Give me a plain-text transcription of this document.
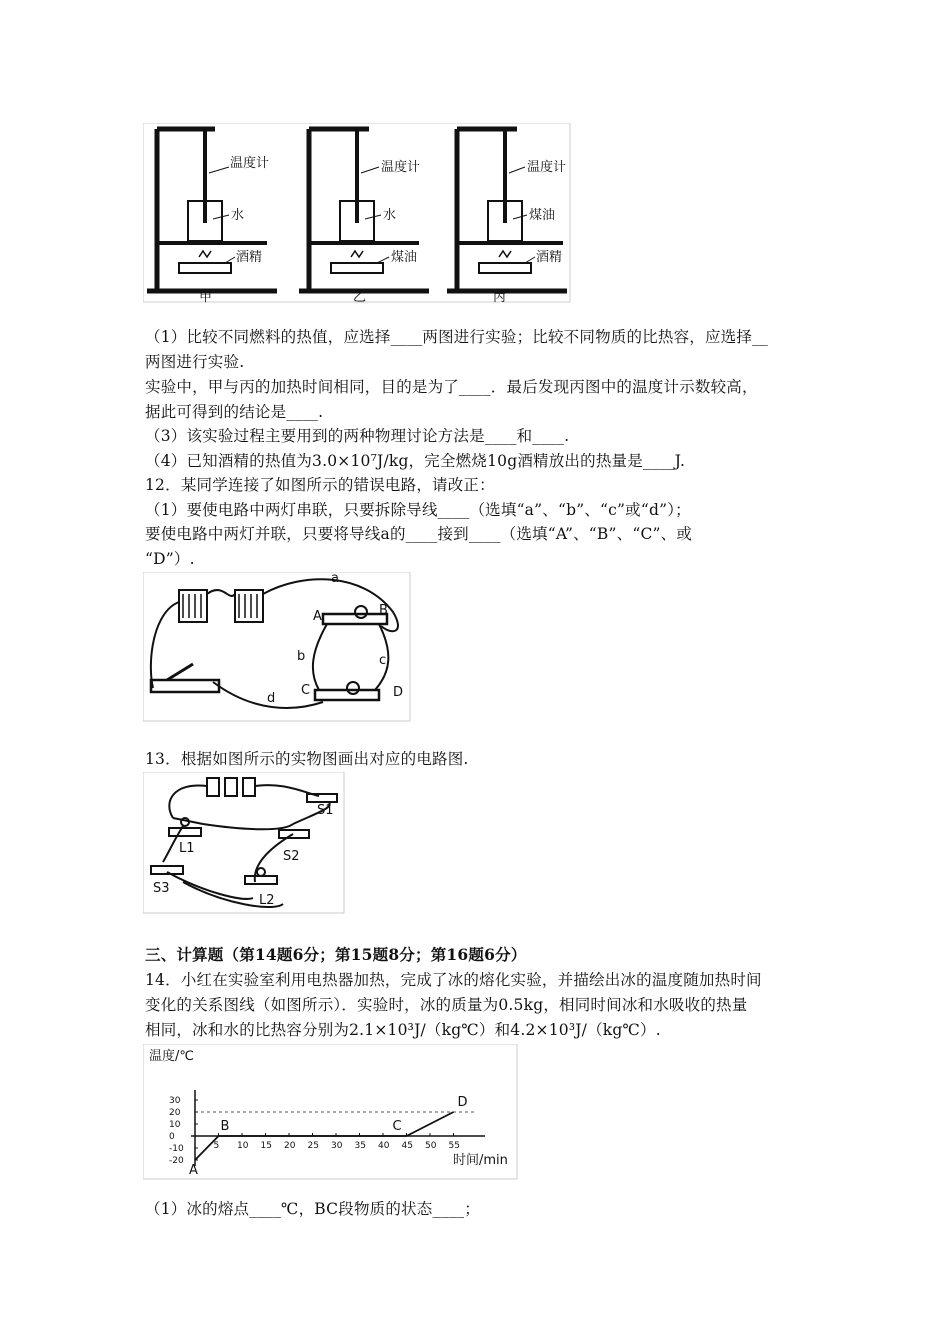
温度计
水
酒精
温度计
水
煤油
温度计
煤油
酒精
甲	乙	丙
（1）比较不同燃料的热值，应选择____两图进行实验；比较不同物质的比热容，应选择__
两图进行实验.
实验中，甲与丙的加热时间相同，目的是为了____．最后发现丙图中的温度计示数较高，
据此可得到的结论是____.
（3）该实验过程主要用到的两种物理讨论方法是____和____.
（4）已知酒精的热值为3.0×10⁷J/kg，完全燃烧10g酒精放出的热量是____J.
12．某同学连接了如图所示的错误电路，请改正：
（1）要使电路中两灯串联，只要拆除导线____（选填“a”、“b”、“c”或“d”）；
要使电路中两灯并联，只要将导线a的____接到____（选填“A”、“B”、“C”、或
“D”）.
a
A	B
b	c
C	D
d
13．根据如图所示的实物图画出对应的电路图.
S1
L1
S2
S3
L2
三、计算题（第14题6分；第15题8分；第16题6分）
14．小红在实验室利用电热器加热，完成了冰的熔化实验，并描绘出冰的温度随加热时间
变化的关系图线（如图所示）．实验时，冰的质量为0.5kg，相同时间冰和水吸收的热量
相同，冰和水的比热容分别为2.1×10³J/（kg℃）和4.2×10³J/（kg℃）.
温度/℃
时间/min
5 10 15 20 25 30 35 40 45 50 55
30
20
10
0
-10
-20
A
B	C
D
（1）冰的熔点____℃，BC段物质的状态____；
